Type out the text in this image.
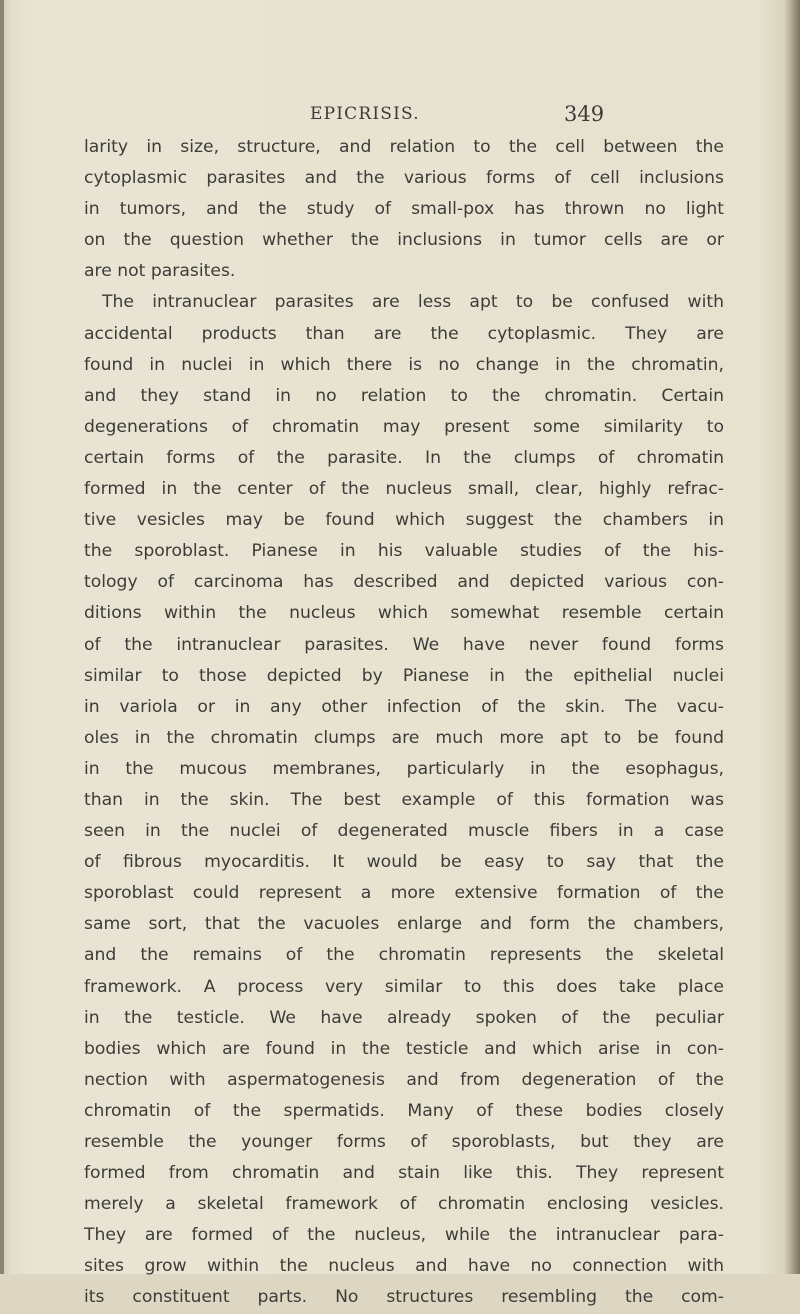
EPICRISIS.	349
larity in size, structure, and relation to the cell between the
cytoplasmic parasites and the various forms of cell inclusions
in tumors, and the study of small-pox has thrown no light
on the question whether the inclusions in tumor cells are or
are not parasites.
The intranuclear parasites are less apt to be confused with
accidental products than are the cytoplasmic. They are
found in nuclei in which there is no change in the chromatin,
and they stand in no relation to the chromatin. Certain
degenerations of chromatin may present some similarity to
certain forms of the parasite. In the clumps of chromatin
formed in the center of the nucleus small, clear, highly refrac-
tive vesicles may be found which suggest the chambers in
the sporoblast. Pianese in his valuable studies of the his-
tology of carcinoma has described and depicted various con-
ditions within the nucleus which somewhat resemble certain
of the intranuclear parasites. We have never found forms
similar to those depicted by Pianese in the epithelial nuclei
in variola or in any other infection of the skin. The vacu-
oles in the chromatin clumps are much more apt to be found
in the mucous membranes, particularly in the esophagus,
than in the skin. The best example of this formation was
seen in the nuclei of degenerated muscle fibers in a case
of fibrous myocarditis. It would be easy to say that the
sporoblast could represent a more extensive formation of the
same sort, that the vacuoles enlarge and form the chambers,
and the remains of the chromatin represents the skeletal
framework. A process very similar to this does take place
in the testicle. We have already spoken of the peculiar
bodies which are found in the testicle and which arise in con-
nection with aspermatogenesis and from degeneration of the
chromatin of the spermatids. Many of these bodies closely
resemble the younger forms of sporoblasts, but they are
formed from chromatin and stain like this. They represent
merely a skeletal framework of chromatin enclosing vesicles.
They are formed of the nucleus, while the intranuclear para-
sites grow within the nucleus and have no connection with
its constituent parts. No structures resembling the com-
